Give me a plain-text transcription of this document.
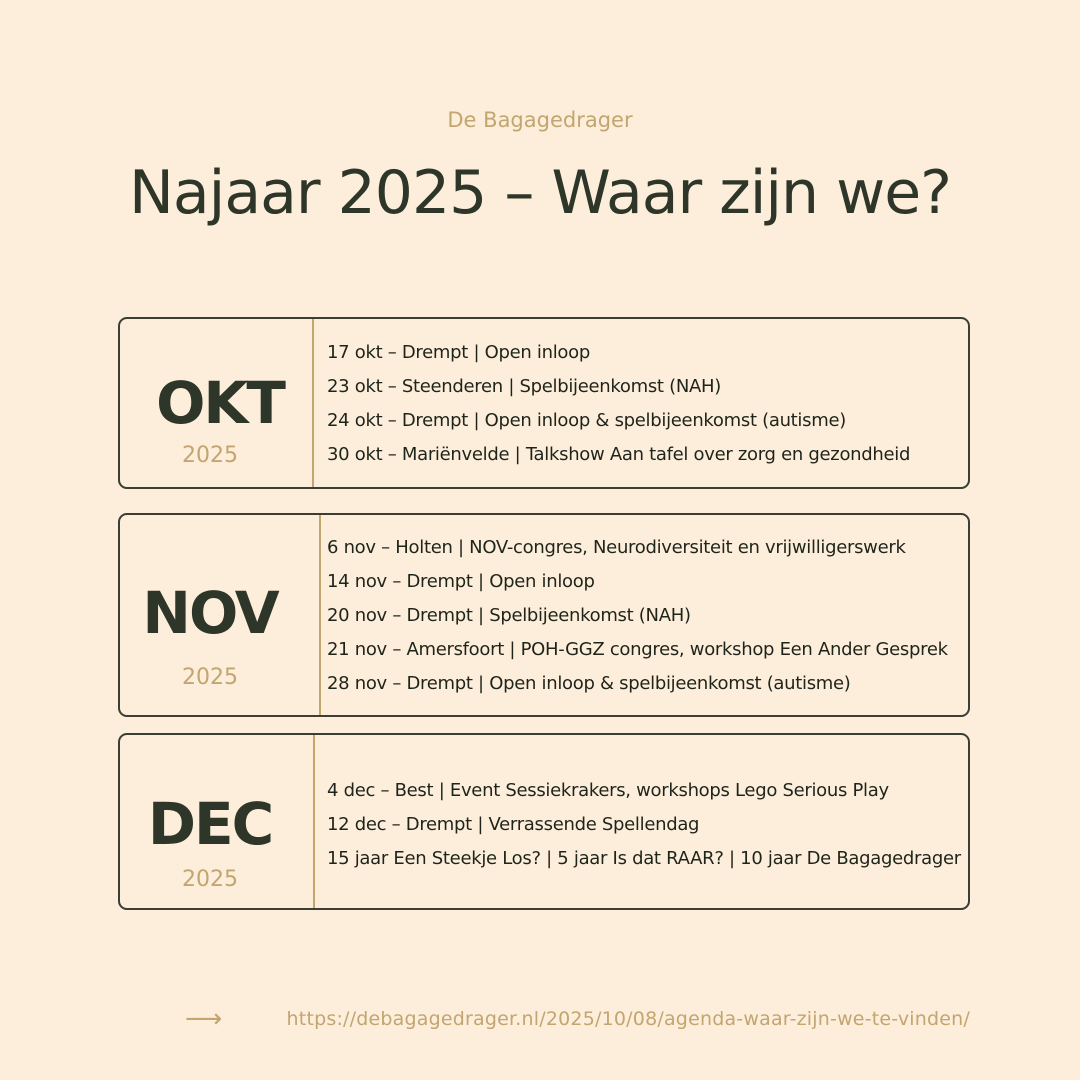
De Bagagedrager
Najaar 2025 – Waar zijn we?
OKT
2025
17 okt – Drempt | Open inloop
23 okt – Steenderen | Spelbijeenkomst (NAH)
24 okt – Drempt | Open inloop & spelbijeenkomst (autisme)
30 okt – Mariënvelde | Talkshow Aan tafel over zorg en gezondheid
NOV
2025
6 nov – Holten | NOV-congres, Neurodiversiteit en vrijwilligerswerk
14 nov – Drempt | Open inloop
20 nov – Drempt | Spelbijeenkomst (NAH)
21 nov – Amersfoort | POH-GGZ congres, workshop Een Ander Gesprek
28 nov – Drempt | Open inloop & spelbijeenkomst (autisme)
DEC
2025
4 dec – Best | Event Sessiekrakers, workshops Lego Serious Play
12 dec – Drempt | Verrassende Spellendag
15 jaar Een Steekje Los? | 5 jaar Is dat RAAR? | 10 jaar De Bagagedrager
⟶	https://debagagedrager.nl/2025/10/08/agenda-waar-zijn-we-te-vinden/
